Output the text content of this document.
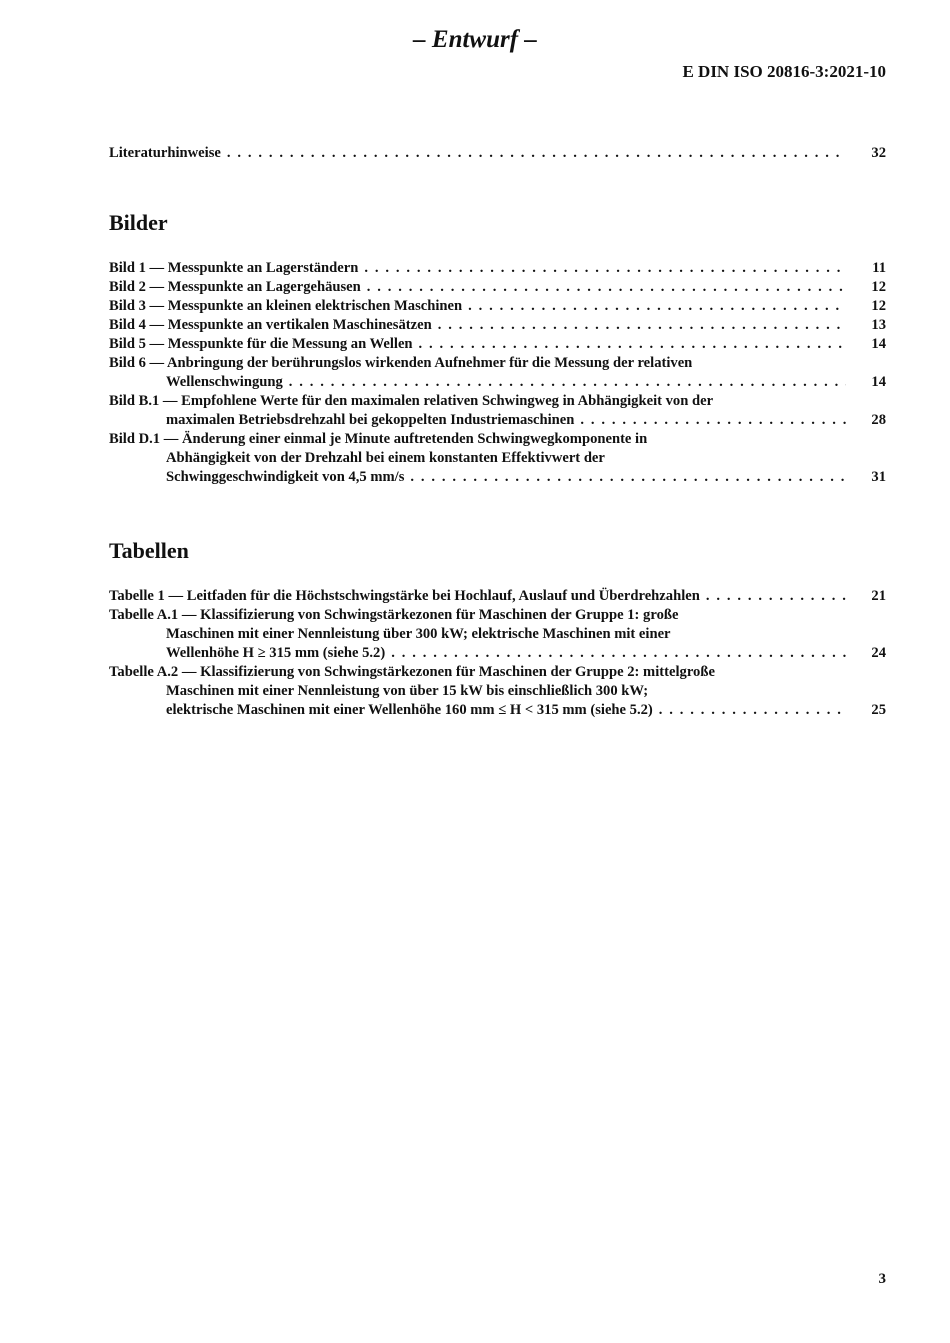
– Entwurf –
E DIN ISO 20816-3:2021-10
Literaturhinweise . . .	32
Bilder
Bild 1 — Messpunkte an Lagerständern . . .	11
Bild 2 — Messpunkte an Lagergehäusen . . .	12
Bild 3 — Messpunkte an kleinen elektrischen Maschinen . . .	12
Bild 4 — Messpunkte an vertikalen Maschinesätzen . . .	13
Bild 5 — Messpunkte für die Messung an Wellen . . .	14
Bild 6 — Anbringung der berührungslos wirkenden Aufnehmer für die Messung der relativen
Wellenschwingung . . .	14
Bild B.1 — Empfohlene Werte für den maximalen relativen Schwingweg in Abhängigkeit von der
maximalen Betriebsdrehzahl bei gekoppelten Industriemaschinen . . .	28
Bild D.1 — Änderung einer einmal je Minute auftretenden Schwingwegkomponente in
Abhängigkeit von der Drehzahl bei einem konstanten Effektivwert der
Schwinggeschwindigkeit von 4,5 mm/s . . .	31
Tabellen
Tabelle 1 — Leitfaden für die Höchstschwingstärke bei Hochlauf, Auslauf und Überdrehzahlen . . .	21
Tabelle A.1 — Klassifizierung von Schwingstärkezonen für Maschinen der Gruppe 1: große
Maschinen mit einer Nennleistung über 300 kW; elektrische Maschinen mit einer
Wellenhöhe H ≥ 315 mm (siehe 5.2) . . .	24
Tabelle A.2 — Klassifizierung von Schwingstärkezonen für Maschinen der Gruppe 2: mittelgroße
Maschinen mit einer Nennleistung von über 15 kW bis einschließlich 300 kW;
elektrische Maschinen mit einer Wellenhöhe 160 mm ≤ H < 315 mm (siehe 5.2) . . .	25
3
